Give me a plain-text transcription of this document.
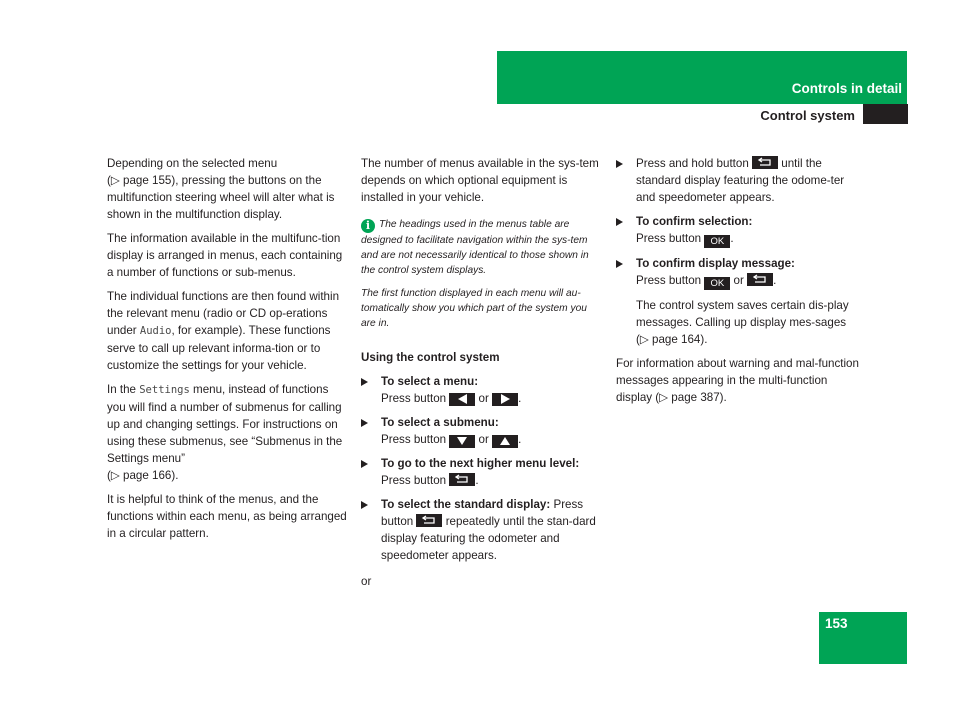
Controls in detail
Control system

Depending on the selected menu
(▷ page 155), pressing the buttons on the multifunction steering wheel will alter what is shown in the multifunction display.

The information available in the multifunc-tion display is arranged in menus, each containing a number of functions or sub-menus.

The individual functions are then found within the relevant menu (radio or CD op-erations under Audio, for example). These functions serve to call up relevant informa-tion or to customize the settings for your vehicle.

In the Settings menu, instead of functions you will find a number of submenus for calling up and changing settings. For instructions on using these submenus, see “Submenus in the Settings menu”
(▷ page 166).

It is helpful to think of the menus, and the functions within each menu, as being arranged in a circular pattern.

The number of menus available in the sys-tem depends on which optional equipment is installed in your vehicle.

i The headings used in the menus table are designed to facilitate navigation within the sys-tem and are not necessarily identical to those shown in the control system displays.

The first function displayed in each menu will au-tomatically show you which part of the system you are in.

Using the control system
To select a menu:
Press button  or .
To select a submenu:
Press button  or .
To go to the next higher menu level:
Press button
.
To select the standard display: Press button
repeatedly until the stan-dard display featuring the odometer and speedometer appears.

or

Press and hold button
until the standard display featuring the odome-ter and speedometer appears.
To confirm selection:
Press button OK .
To confirm display message:
Press button OK or
.

The control system saves certain dis-play messages. Calling up display mes-sages (▷ page 164).

For information about warning and mal-function messages appearing in the multi-function display (▷ page 387).

153
